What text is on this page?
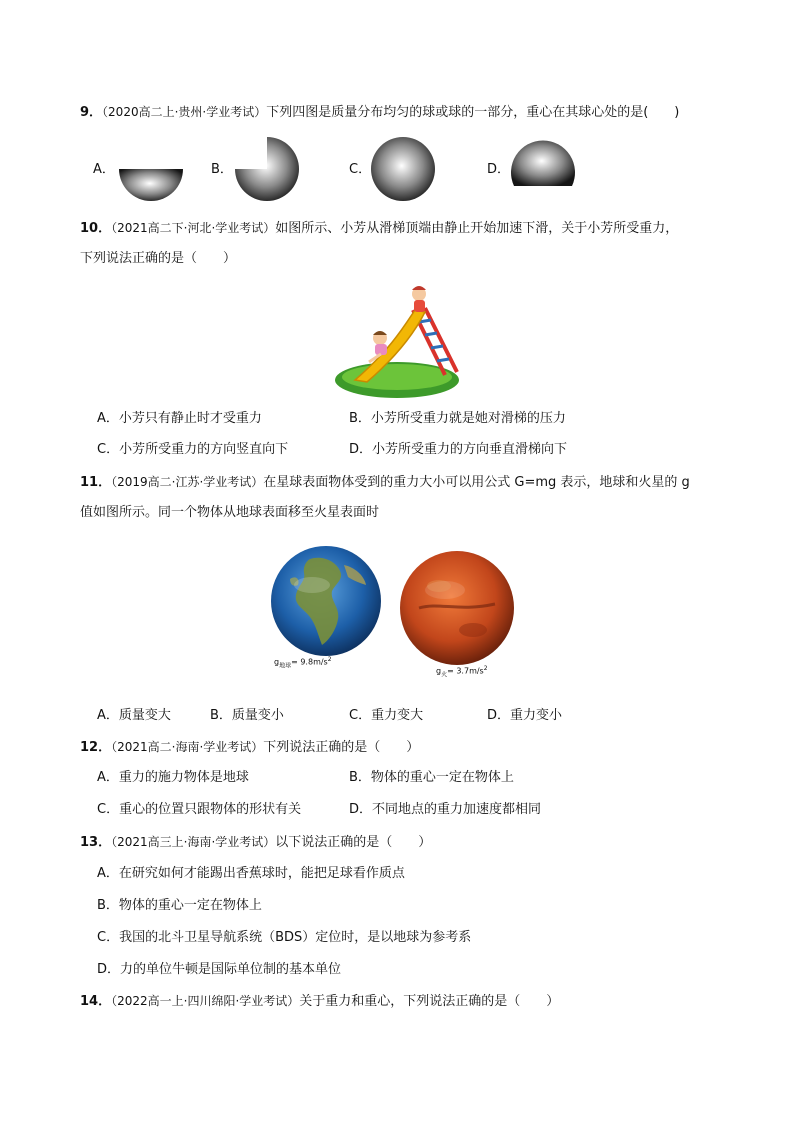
9．（2020高二上·贵州·学业考试）下列四图是质量分布均匀的球或球的一部分，重心在其球心处的是(　　)
A．	B．	C．	D．
10．（2021高二下·河北·学业考试）如图所示、小芳从滑梯顶端由静止开始加速下滑，关于小芳所受重力，
下列说法正确的是（　　）
A．小芳只有静止时才受重力	B．小芳所受重力就是她对滑梯的压力
C．小芳所受重力的方向竖直向下	D．小芳所受重力的方向垂直滑梯向下
11．（2019高二·江苏·学业考试）在星球表面物体受到的重力大小可以用公式 G=mg 表示，地球和火星的 g
值如图所示。同一个物体从地球表面移至火星表面时
$g_{地球}= 9.8m/s^2$
$g_火= 3.7m/s^2$
A．质量变大	B．质量变小	C．重力变大	D．重力变小
12．（2021高二·海南·学业考试）下列说法正确的是（　　）
A．重力的施力物体是地球	B．物体的重心一定在物体上
C．重心的位置只跟物体的形状有关	D．不同地点的重力加速度都相同
13．（2021高三上·海南·学业考试）以下说法正确的是（　　）
A．在研究如何才能踢出香蕉球时，能把足球看作质点
B．物体的重心一定在物体上
C．我国的北斗卫星导航系统（BDS）定位时，是以地球为参考系
D．力的单位牛顿是国际单位制的基本单位
14．（2022高一上·四川绵阳·学业考试）关于重力和重心，下列说法正确的是（　　）
